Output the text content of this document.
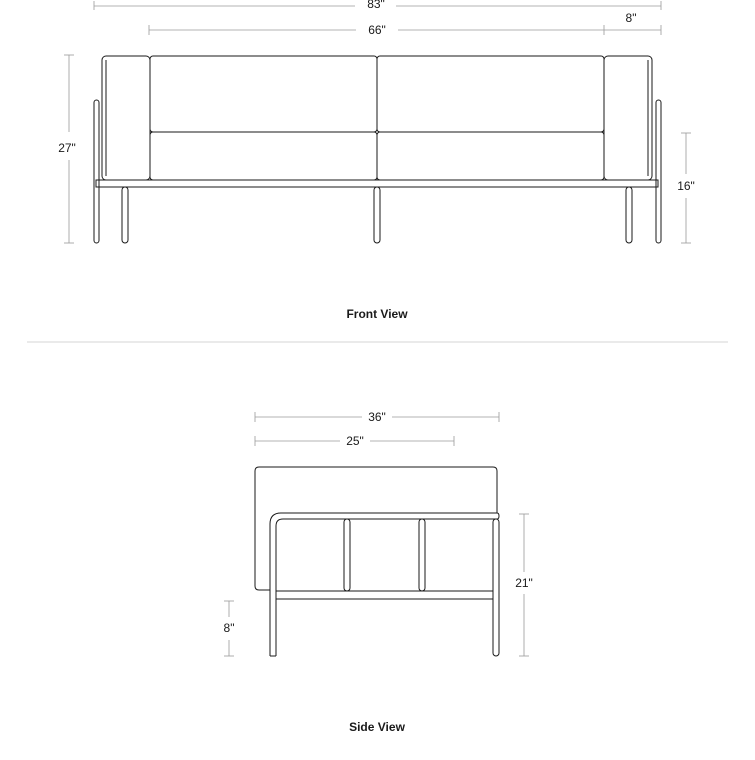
83"
66"
8"
27"
16"
Front View
36"
25"
21"
8"
Side View
